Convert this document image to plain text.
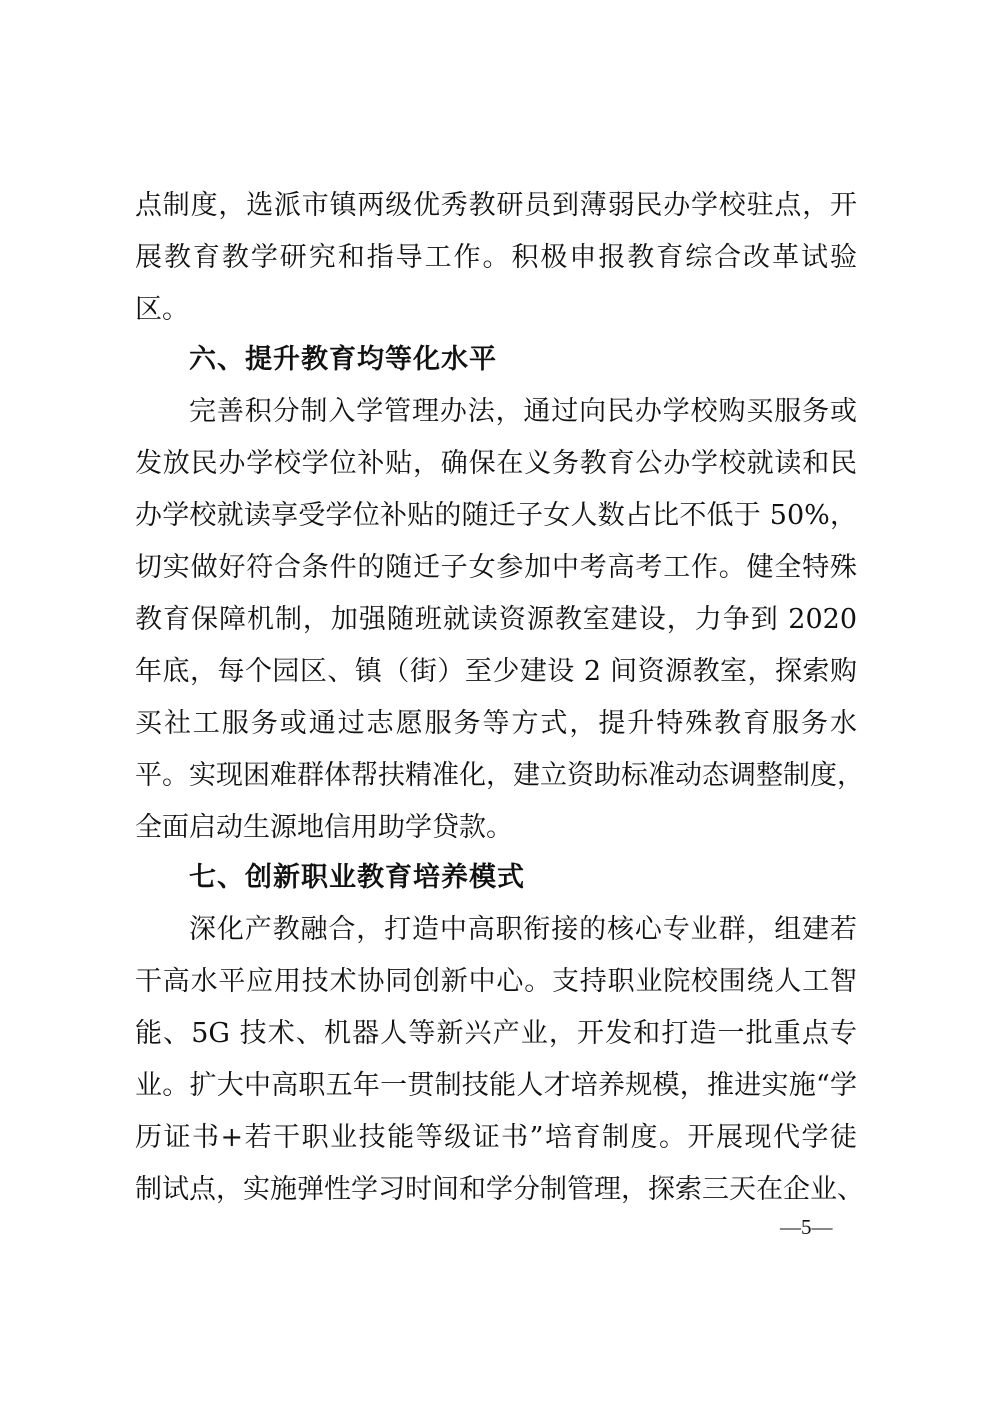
点制度，选派市镇两级优秀教研员到薄弱民办学校驻点，开
展教育教学研究和指导工作。积极申报教育综合改革试验
区。
六、提升教育均等化水平
完善积分制入学管理办法，通过向民办学校购买服务或
发放民办学校学位补贴，确保在义务教育公办学校就读和民
办学校就读享受学位补贴的随迁子女人数占比不低于 50%，
切实做好符合条件的随迁子女参加中考高考工作。健全特殊
教育保障机制，加强随班就读资源教室建设，力争到 2020
年底，每个园区、镇（街）至少建设 2 间资源教室，探索购
买社工服务或通过志愿服务等方式，提升特殊教育服务水
平。实现困难群体帮扶精准化，建立资助标准动态调整制度，
全面启动生源地信用助学贷款。
七、创新职业教育培养模式
深化产教融合，打造中高职衔接的核心专业群，组建若
干高水平应用技术协同创新中心。支持职业院校围绕人工智
能、5G 技术、机器人等新兴产业，开发和打造一批重点专
业。扩大中高职五年一贯制技能人才培养规模，推进实施“学
历证书+若干职业技能等级证书”培育制度。开展现代学徒
制试点，实施弹性学习时间和学分制管理，探索三天在企业、
—5—
